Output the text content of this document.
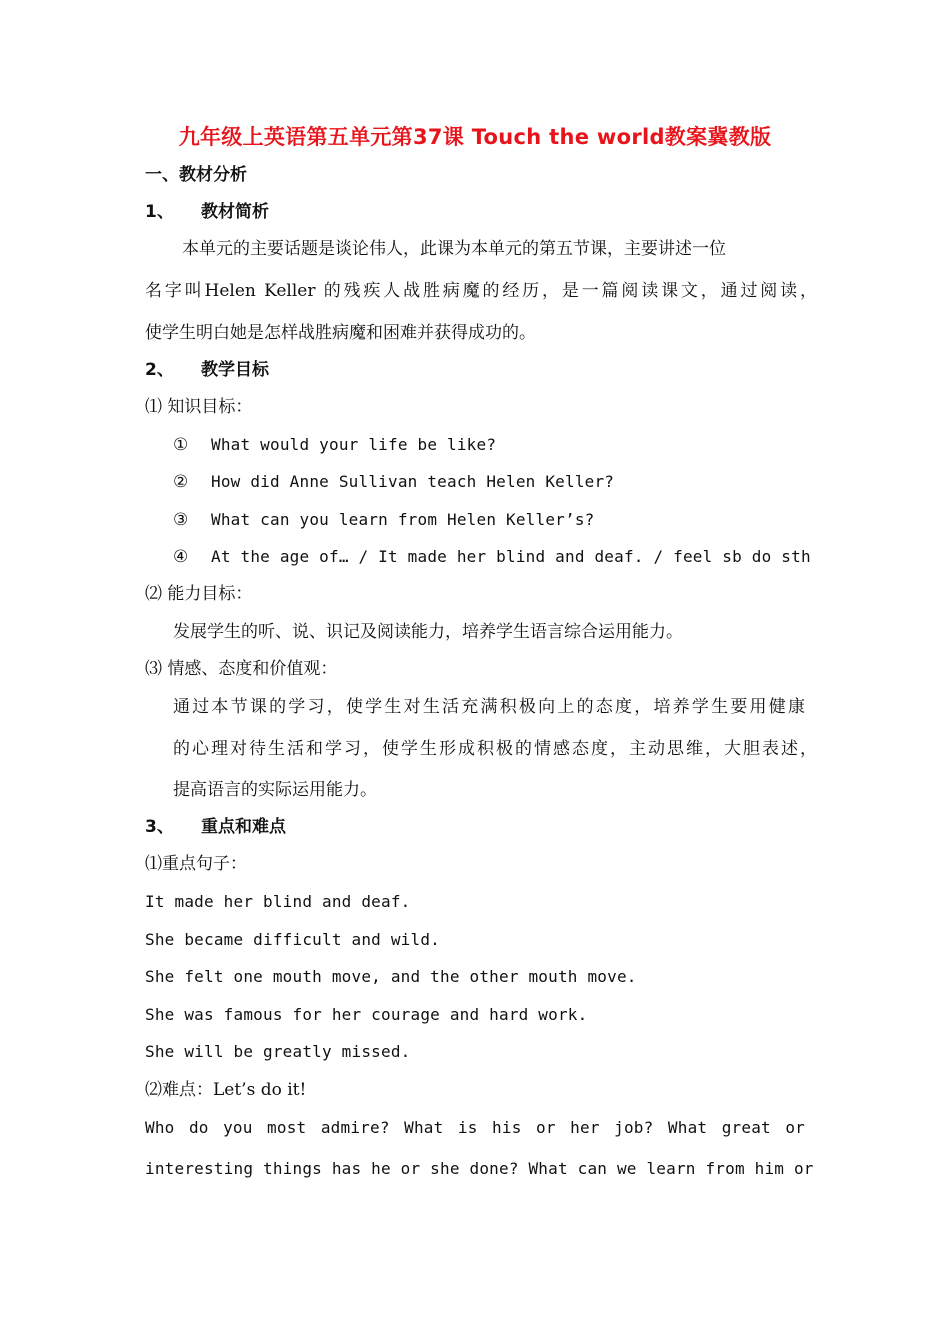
九年级上英语第五单元第37课 Touch the world教案冀教版
一、教材分析
1、 教材简析
本单元的主要话题是谈论伟人，此课为本单元的第五节课，主要讲述一位
名字叫Helen Keller 的残疾人战胜病魔的经历，是一篇阅读课文，通过阅读，
使学生明白她是怎样战胜病魔和困难并获得成功的。
2、 教学目标
⑴ 知识目标：
① What would your life be like?
② How did Anne Sullivan teach Helen Keller?
③ What can you learn from Helen Keller’s?
④ At the age of… / It made her blind and deaf. / feel sb do sth
⑵ 能力目标：
发展学生的听、说、识记及阅读能力，培养学生语言综合运用能力。
⑶ 情感、态度和价值观：
通过本节课的学习，使学生对生活充满积极向上的态度，培养学生要用健康
的心理对待生活和学习，使学生形成积极的情感态度，主动思维，大胆表述，
提高语言的实际运用能力。
3、 重点和难点
⑴重点句子：
It made her blind and deaf.
She became difficult and wild.
She felt one mouth move, and the other mouth move.
She was famous for her courage and hard work.
She will be greatly missed.
⑵难点：Let’s do it!
Who do you most admire? What is his or her job? What great or
interesting things has he or she done? What can we learn from him or
